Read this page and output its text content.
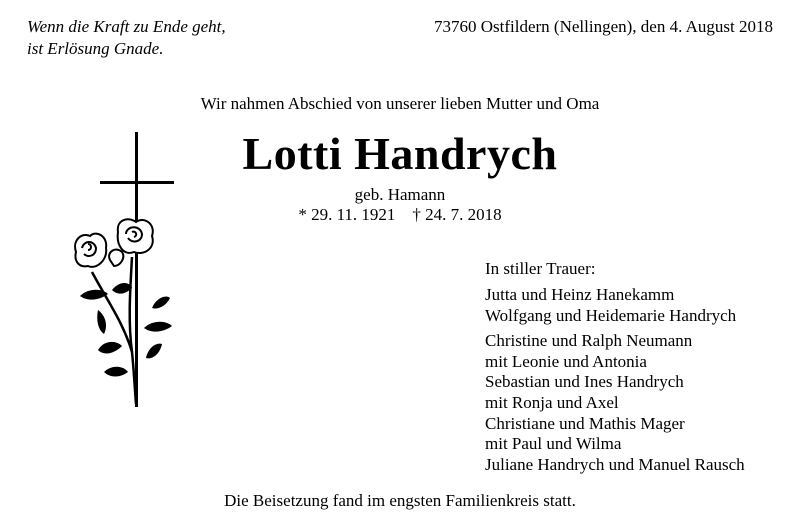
Wenn die Kraft zu Ende geht,
ist Erlösung Gnade.
73760 Ostfildern (Nellingen), den 4. August 2018
Wir nahmen Abschied von unserer lieben Mutter und Oma
Lotti Handrych
geb. Hamann
* 29. 11. 1921    † 24. 7. 2018
In stiller Trauer:
Jutta und Heinz Hanekamm
Wolfgang und Heidemarie Handrych
Christine und Ralph Neumann
mit Leonie und Antonia
Sebastian und Ines Handrych
mit Ronja und Axel
Christiane und Mathis Mager
mit Paul und Wilma
Juliane Handrych und Manuel Rausch
Die Beisetzung fand im engsten Familienkreis statt.
